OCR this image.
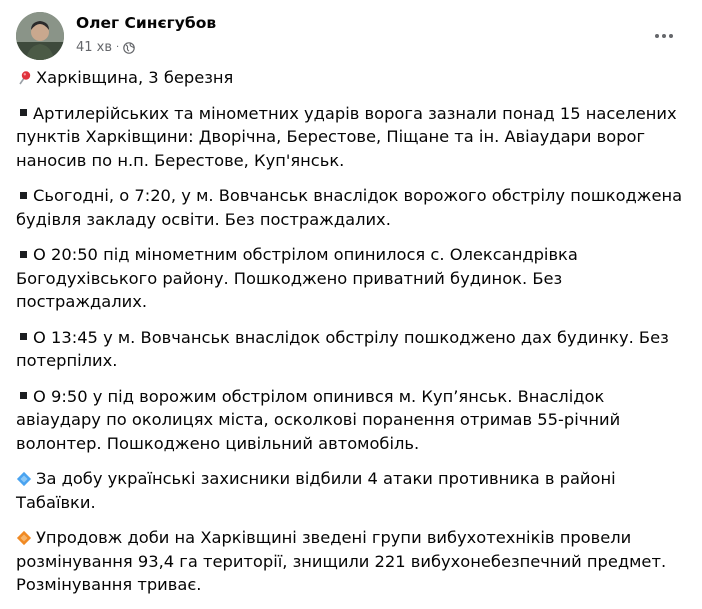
Олег Синєгубов
41 хв ·

Харківщина, 3 березня

Артилерійських та мінометних ударів ворога зазнали понад 15 населених пунктів Харківщини: Дворічна, Берестове, Піщане та ін. Авіаудари ворог наносив по н.п. Берестове, Куп'янськ.

Сьогодні, о 7:20, у м. Вовчанськ внаслідок ворожого обстрілу пошкоджена будівля закладу освіти. Без постраждалих.

О 20:50 під мінометним обстрілом опинилося с. Олександрівка Богодухівського району. Пошкоджено приватний будинок. Без постраждалих.

О 13:45 у м. Вовчанськ внаслідок обстрілу пошкоджено дах будинку. Без потерпілих.

О 9:50 у під ворожим обстрілом опинився м. Куп’янськ. Внаслідок авіаудару по околицях міста, осколкові поранення отримав 55-річний волонтер. Пошкоджено цивільний автомобіль.

За добу українські захисники відбили 4 атаки противника в районі Табаївки.

Упродовж доби на Харківщині зведені групи вибухотехніків провели розмінування 93,4 га території, знищили 221 вибухонебезпечний предмет. Розмінування триває.
